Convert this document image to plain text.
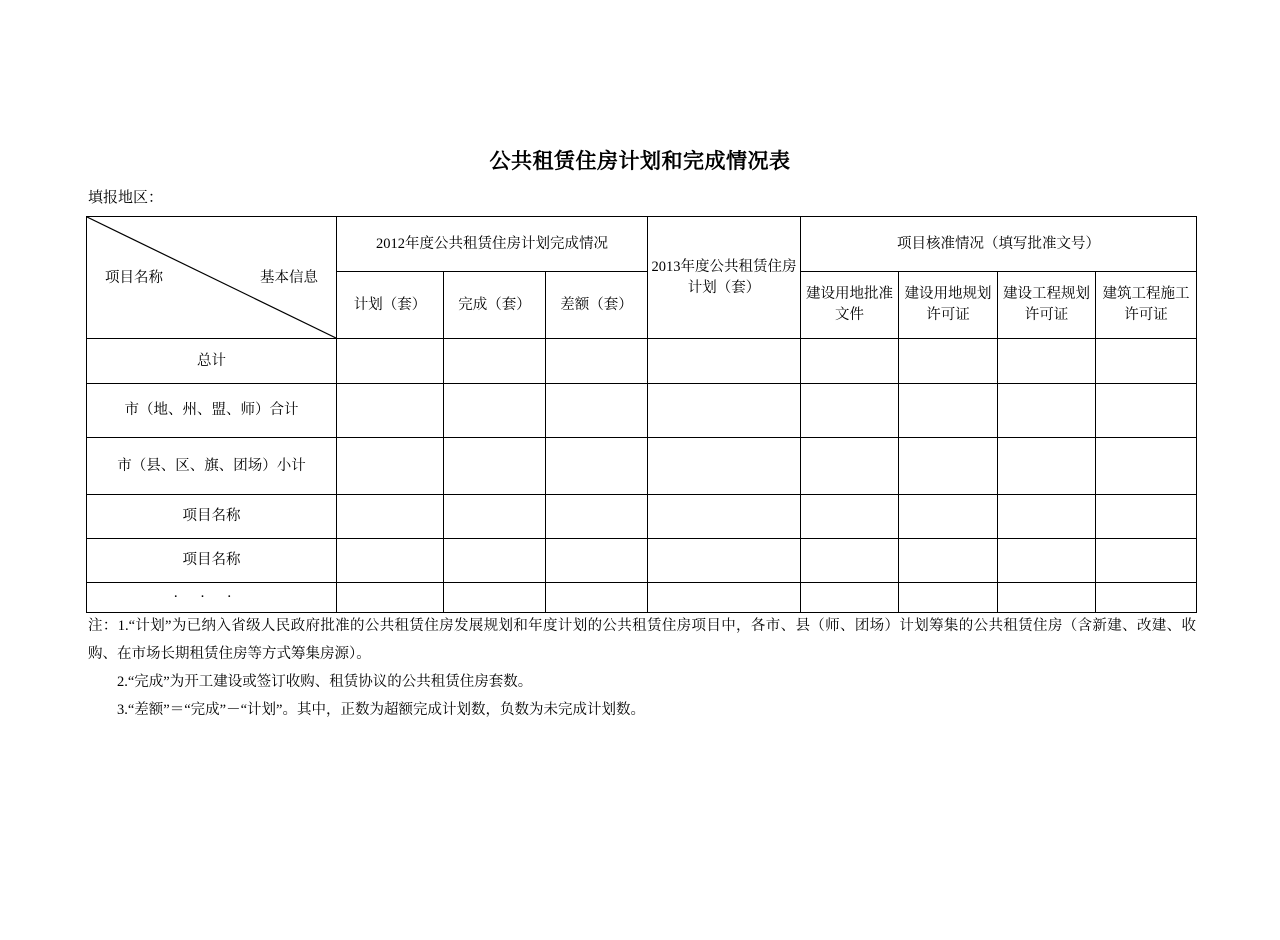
公共租赁住房计划和完成情况表
填报地区：
项目名称 基本信息	2012年度公共租赁住房计划完成情况			2013年度公共租赁住房计划（套）	项目核准情况（填写批准文号）			
	计划（套）	完成（套）	差额（套）		建设用地批准文件	建设用地规划许可证	建设工程规划许可证	建筑工程施工许可证
总计								
市（地、州、盟、师）合计								
市（县、区、旗、团场）小计								
项目名称								
项目名称								
· · ·								
注：1.“计划”为已纳入省级人民政府批准的公共租赁住房发展规划和年度计划的公共租赁住房项目中，各市、县（师、团场）计划筹集的公共租赁住房（含新建、改建、收购、在市场长期租赁住房等方式筹集房源）。
2.“完成”为开工建设或签订收购、租赁协议的公共租赁住房套数。
3.“差额”＝“完成”－“计划”。其中，正数为超额完成计划数，负数为未完成计划数。
